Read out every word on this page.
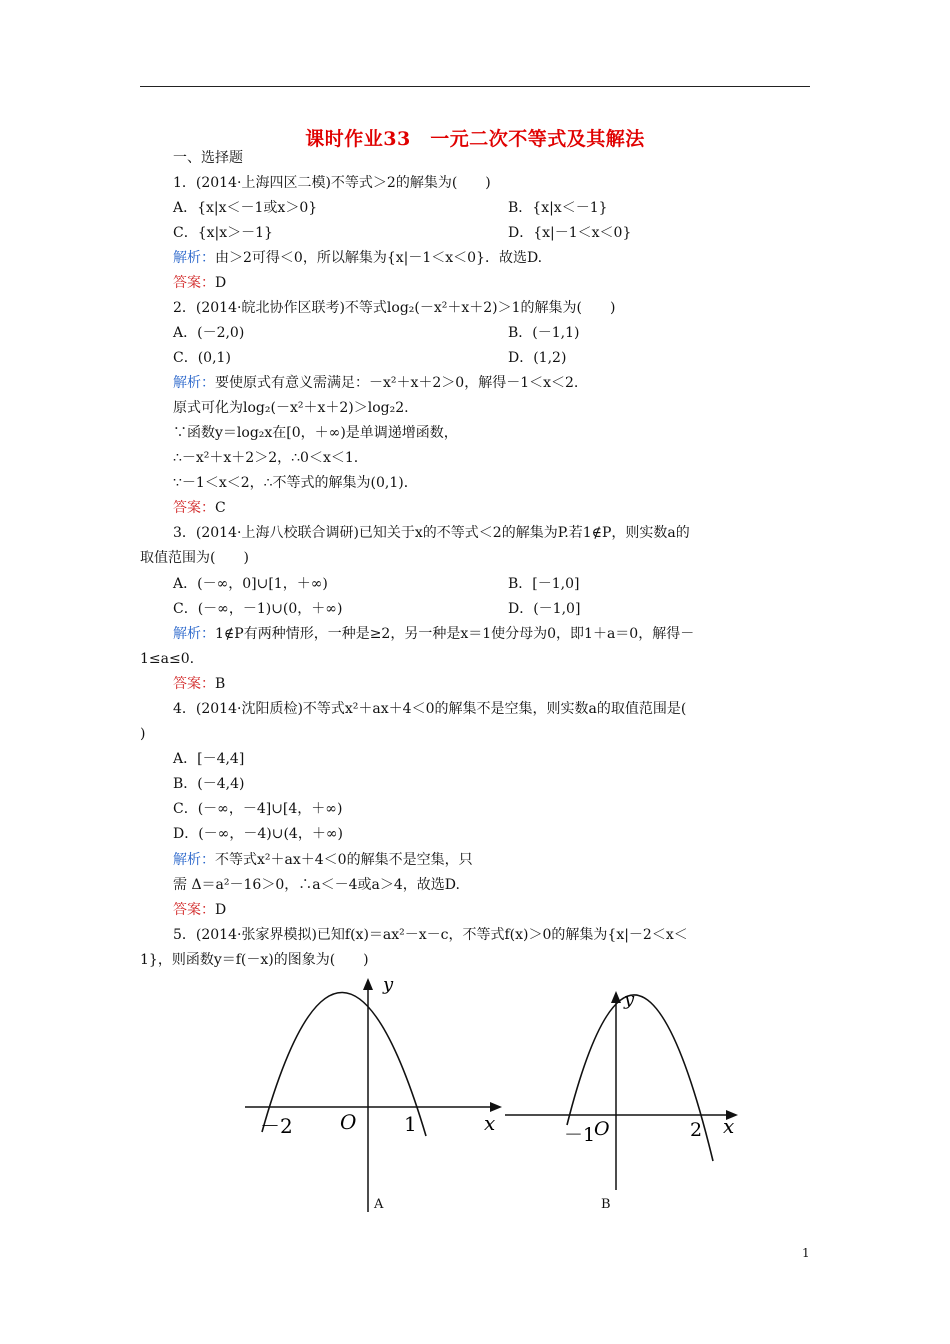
课时作业33　一元二次不等式及其解法
一、选择题
1．(2014·上海四区二模)不等式＞2的解集为(　　)
A．{x|x＜－1或x＞0}	B．{x|x＜－1}
C．{x|x＞－1}	D．{x|－1＜x＜0}
解析：由＞2可得＜0，所以解集为{x|－1＜x＜0}．故选D.
答案：D
2．(2014·皖北协作区联考)不等式log₂(－x²＋x＋2)＞1的解集为(　　)
A．(－2,0)	B．(－1,1)
C．(0,1)	D．(1,2)
解析：要使原式有意义需满足：－x²＋x＋2＞0，解得－1＜x＜2.
原式可化为log₂(－x²＋x＋2)＞log₂2.
∵函数y＝log₂x在[0，＋∞)是单调递增函数，
∴－x²＋x＋2＞2，∴0＜x＜1.
∵－1＜x＜2，∴不等式的解集为(0,1)．
答案：C
3．(2014·上海八校联合调研)已知关于x的不等式＜2的解集为P.若1∉P，则实数a的
取值范围为(　　)
A．(－∞，0]∪[1，＋∞)	B．[－1,0]
C．(－∞，－1)∪(0，＋∞)	D．(－1,0]
解析：1∉P有两种情形，一种是≥2，另一种是x＝1使分母为0，即1＋a＝0，解得－
1≤a≤0.
答案：B
4．(2014·沈阳质检)不等式x²＋ax＋4＜0的解集不是空集，则实数a的取值范围是(
)
A．[－4,4]
B．(－4,4)
C．(－∞，－4]∪[4，＋∞)
D．(－∞，－4)∪(4，＋∞)
解析：不等式x²＋ax＋4＜0的解集不是空集，只
需 Δ＝a²－16＞0，∴a＜－4或a＞4，故选D.
答案：D
5．(2014·张家界模拟)已知f(x)＝ax²－x－c，不等式f(x)＞0的解集为{x|－2＜x＜
1}，则函数y＝f(－x)的图象为(　　)
y
x
O
－2	1
A
y
x
O
－1	2
B
1
